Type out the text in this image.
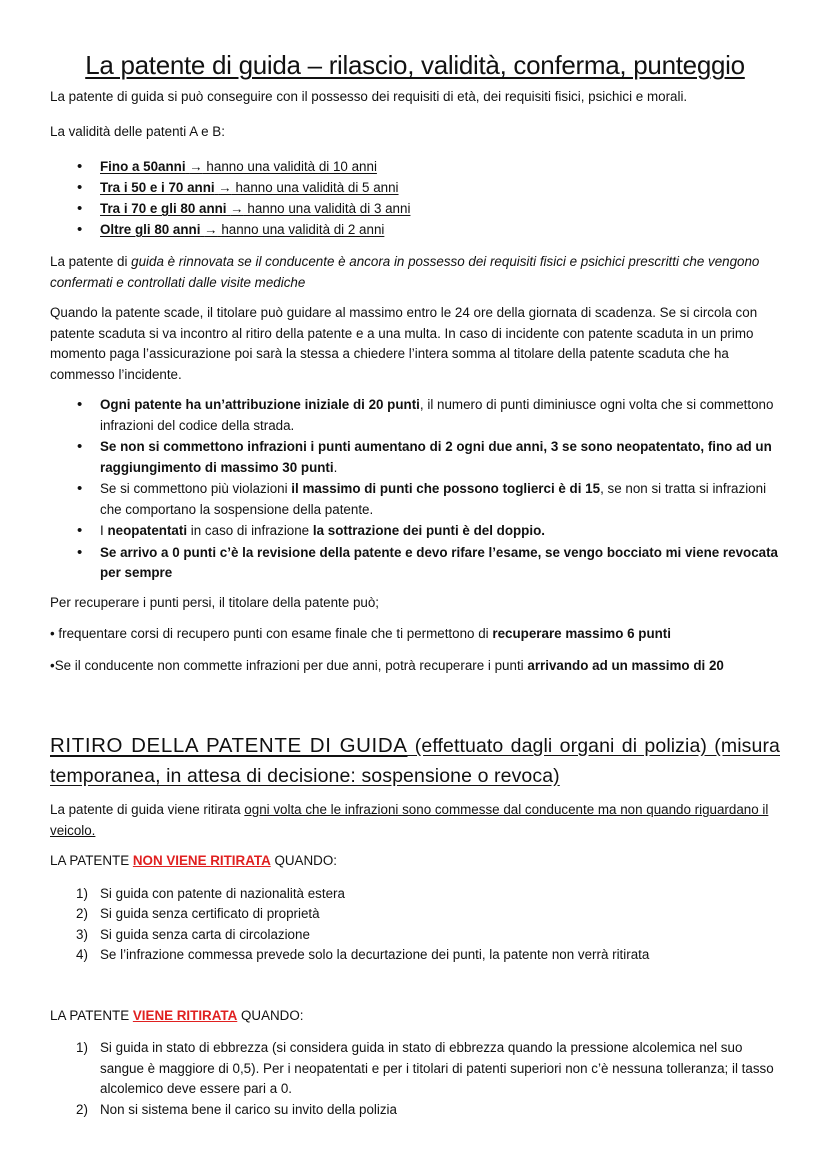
La patente di guida – rilascio, validità, conferma, punteggio

La patente di guida si può conseguire con il possesso dei requisiti di età, dei requisiti fisici, psichici e morali.

La validità delle patenti A e B:

• Fino a 50anni → hanno una validità di 10 anni
• Tra i 50 e i 70 anni → hanno una validità di 5 anni
• Tra i 70 e gli 80 anni → hanno una validità di 3 anni
• Oltre gli 80 anni → hanno una validità di 2 anni

La patente di guida è rinnovata se il conducente è ancora in possesso dei requisiti fisici e psichici prescritti che vengono confermati e controllati dalle visite mediche

Quando la patente scade, il titolare può guidare al massimo entro le 24 ore della giornata di scadenza. Se si circola con patente scaduta si va incontro al ritiro della patente e a una multa. In caso di incidente con patente scaduta in un primo momento paga l’assicurazione poi sarà la stessa a chiedere l’intera somma al titolare della patente scaduta che ha commesso l’incidente.

• Ogni patente ha un’attribuzione iniziale di 20 punti, il numero di punti diminiusce ogni volta che si commettono infrazioni del codice della strada.
• Se non si commettono infrazioni i punti aumentano di 2 ogni due anni, 3 se sono neopatentato, fino ad un raggiungimento di massimo 30 punti.
• Se si commettono più violazioni il massimo di punti che possono toglierci è di 15, se non si tratta si infrazioni che comportano la sospensione della patente.
• I neopatentati in caso di infrazione la sottrazione dei punti è del doppio.
• Se arrivo a 0 punti c’è la revisione della patente e devo rifare l’esame, se vengo bocciato mi viene revocata per sempre

Per recuperare i punti persi, il titolare della patente può;

• frequentare corsi di recupero punti con esame finale che ti permettono di recuperare massimo 6 punti

•Se il conducente non commette infrazioni per due anni, potrà recuperare i punti arrivando ad un massimo di 20

RITIRO DELLA PATENTE DI GUIDA (effettuato dagli organi di polizia) (misura temporanea, in attesa di decisione: sospensione o revoca)

La patente di guida viene ritirata ogni volta che le infrazioni sono commesse dal conducente ma non quando riguardano il veicolo.

LA PATENTE NON VIENE RITIRATA QUANDO:

1) Si guida con patente di nazionalità estera
2) Si guida senza certificato di proprietà
3) Si guida senza carta di circolazione
4) Se l’infrazione commessa prevede solo la decurtazione dei punti, la patente non verrà ritirata

LA PATENTE VIENE RITIRATA QUANDO:

1) Si guida in stato di ebbrezza (si considera guida in stato di ebbrezza quando la pressione alcolemica nel suo sangue è maggiore di 0,5). Per i neopatentati e per i titolari di patenti superiori non c’è nessuna tolleranza; il tasso alcolemico deve essere pari a 0.
2) Non si sistema bene il carico su invito della polizia
